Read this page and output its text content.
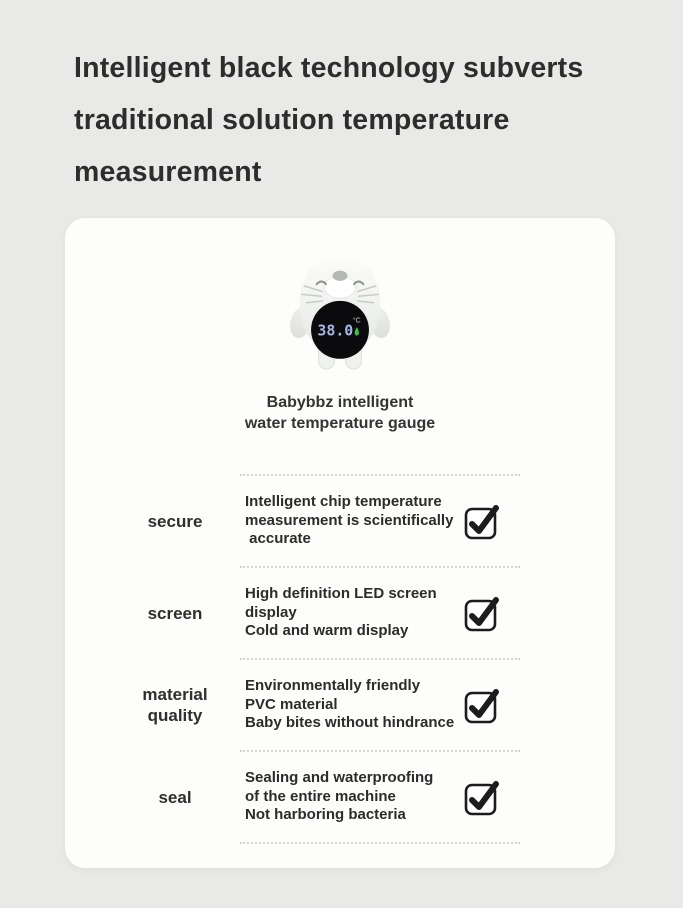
Intelligent black technology subverts
traditional solution temperature
measurement
38.0
°C
Babybbz intelligent
water temperature gauge
secure
Intelligent chip temperature
measurement is scientifically
accurate
screen
High definition LED screen
display
Cold and warm display
material quality
Environmentally friendly
PVC material
Baby bites without hindrance
seal
Sealing and waterproofing
of the entire machine
Not harboring bacteria
